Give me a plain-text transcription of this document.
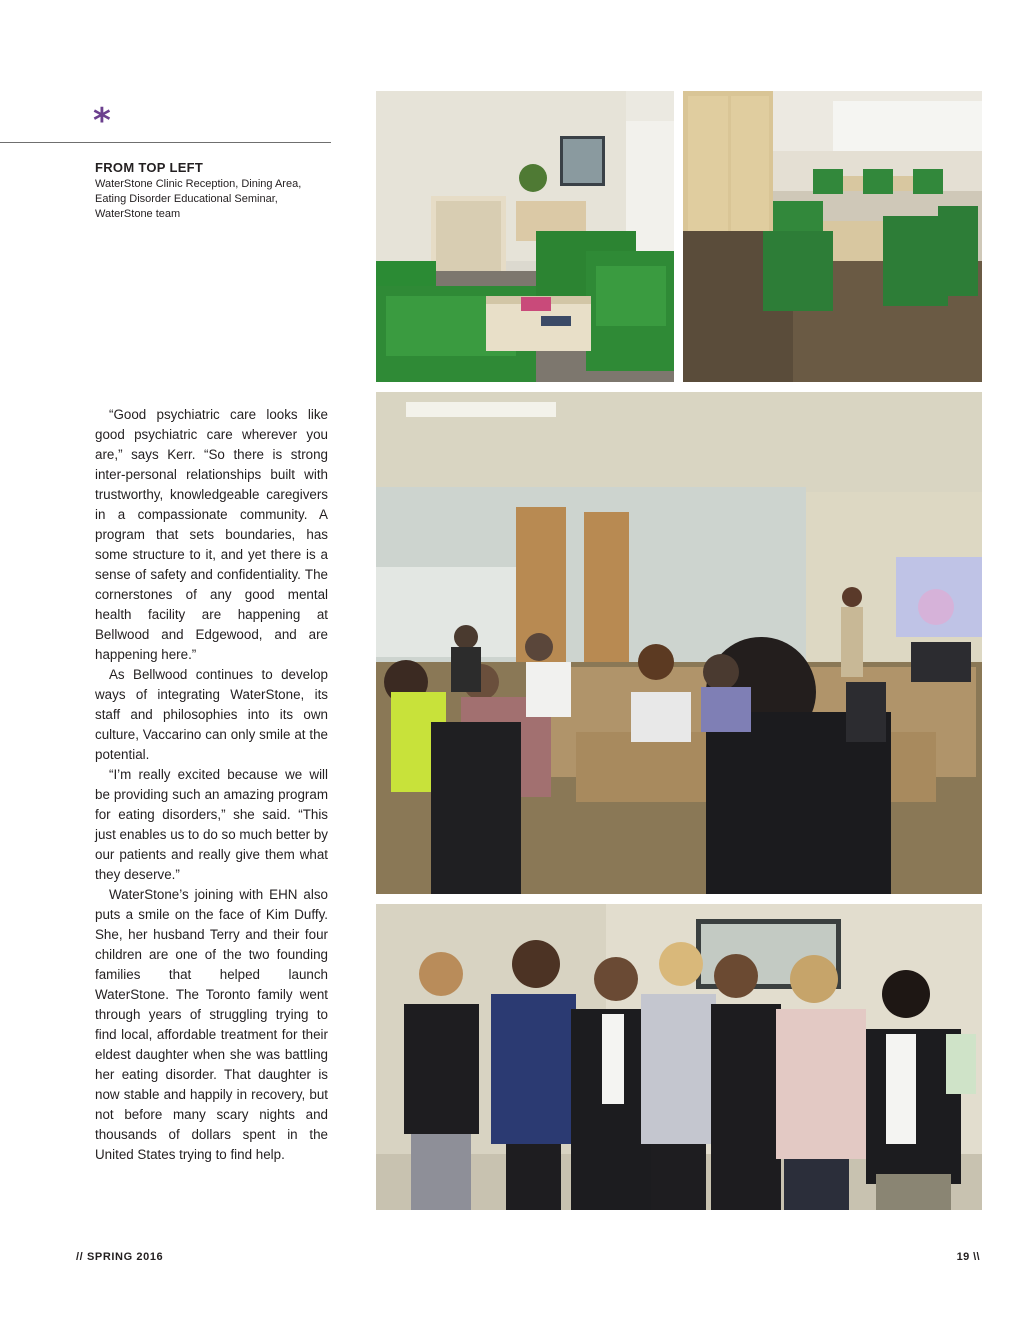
*
FROM TOP LEFT
WaterStone Clinic Reception, Dining Area, Eating Disorder Educational Seminar, WaterStone team

“Good psychiatric care looks like good psychiatric care wherever you are,” says Kerr. “So there is strong inter-personal relationships built with trustworthy, knowledgeable caregivers in a compassionate community. A program that sets boundaries, has some structure to it, and yet there is a sense of safety and confidentiality. The cornerstones of any good mental health facility are happening at Bellwood and Edgewood, and are happening here.”

As Bellwood continues to develop ways of integrating WaterStone, its staff and philosophies into its own culture, Vaccarino can only smile at the potential.

“I’m really excited because we will be providing such an amazing program for eating disorders,” she said. “This just enables us to do so much better by our patients and really give them what they deserve.”

WaterStone’s joining with EHN also puts a smile on the face of Kim Duffy. She, her husband Terry and their four children are one of the two founding families that helped launch WaterStone. The Toronto family went through years of struggling trying to find local, affordable treatment for their eldest daughter when she was battling her eating disorder. That daughter is now stable and happily in recovery, but not before many scary nights and thousands of dollars spent in the United States trying to find help.

// SPRING 2016	19 \\
